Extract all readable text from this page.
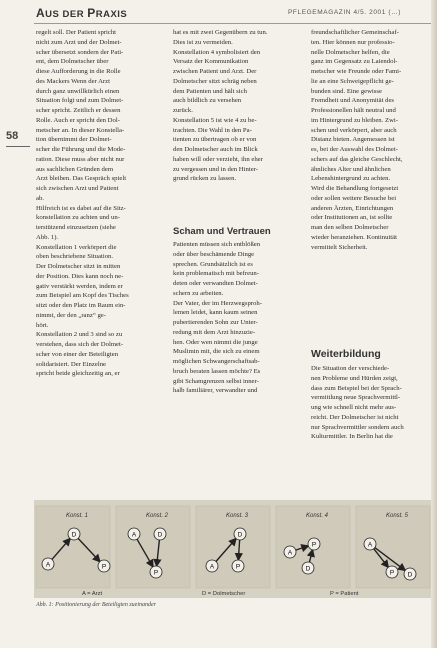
AUS DER PRAXIS	PFLEGEMAGAZIN 4/5. 2001 (…)
58

regelt soll. Der Patient spricht

nicht zum Arzt und der Dolmet-

scher übersetzt sondern der Pati-

ent, dem Dolmetscher über

diese Aufforderung in die Rolle

des Mackers Wenn der Arzt

durch ganz unwillkürlich einen

Situation folgt und zum Dolmet-

scher spricht. Zeitlich er dessen

Rolle. Auch er spricht den Dol-

metscher an. In dieser Konstella-

tion übernimmt der Dolmet-

scher die Führung und die Mode-

ration. Diese muss aber nicht nur

aus sachlichen Gründen dem

Arzt bleiben. Das Gespräch spielt

sich zwischen Arzt und Patient

ab.

Hilfreich ist es dabei auf die Sitz-

konstellation zu achten und un-

terstützend einzusetzen (siehe

Abb. 1).

Konstellation 1 verkörpert die

oben beschriebene Situation.

Der Dolmetscher sitzt in mitten

der Position. Dies kann noch ne-

gativ verstärkt werden, indem er

zum Beispiel am Kopf des Tisches

sitzt oder den Platz im Raum ein-

nimmt, der den „ranz“ ge-

hört.

Konstellation 2 und 3 sind so zu

verstehen, dass sich der Dolmet-

scher von einer der Beteiligten

solidarisiert. Der Einzelne

spricht beide gleichzeitig an, er

hat es mit zwei Gegenübern zu tun.

Dies ist zu vermeiden.

Konstellation 4 symbolisiert den

Versatz der Kommunikation

zwischen Patient und Arzt. Der

Dolmetscher sitzt schräg neben

dem Patienten und hält sich

auch bildlich zu versehen

zurück.

Konstellation 5 ist wie 4 zu be-

trachten. Die Wahl in den Pa-

tienten zu übertragen ob er von

den Dolmetscher auch im Blick

haben will oder verzieht, ihn eher

zu vergessen und in den Hinter-

grund rücken zu lassen.

Scham und Vertrauen

Patienten müssen sich entblößen

oder über beschämende Dinge

sprechen. Grundsätzlich ist es

kein problematisch mit befreun-

deten oder verwandten Dolmet-

schern zu arbeiten.

Der Vater, der im Herzwegsproh-

lemen leidet, kann kaum seinen

pubertierenden Sohn zur Unter-

redung mit dem Arzt hinzuzie-

hen. Oder wen nimmt die junge

Muslimin mit, die sich zu einem

möglichen Schwangerschaftsab-

bruch beraten lassen möchte? Es

gibt Schamgrenzen selbst inner-

halb familiärer, verwandter und

freundschaftlicher Gemeinschaf-

ten. Hier können nur professio-

nelle Dolmetscher helfen, die

ganz im Gegensatz zu Laiendol-

metscher wie Freunde oder Fami-

lie an eine Schweigepflicht ge-

bunden sind. Eine gewisse

Fremdheit und Anonymität des

Professionellen hält neutral und

im Hintergrund zu bleiben. Zwi-

schen und verkörpert, aber auch

Distanz bieten. Angemessen ist

es, bei der Auswahl des Dolmet-

schers auf das gleiche Geschlecht,

ähnliches Alter und ähnlichen

Lebenshintergrund zu achten.

Wird die Behandlung fortgesetzt

oder sollen weitere Besuche bei

anderen Ärzten, Einrichtungen

oder Institutionen an, ist sollte

man den selben Dolmetscher

wieder heranziehen. Kontinuität

vermittelt Sicherheit.

Weiterbildung

Die Situation der verschiede-

nen Probleme und Hürden zeigt,

dass zum Beispiel bei der Sprach-

vermittlung neue Sprachvermittl-

ung wie schnell nicht mehr aus-

reicht. Der Dolmetscher ist nicht

nur Sprachvermittler sondern auch

Kulturmittler. In Berlin hat die

Konst. 1
A
D
P
Konst. 2
A	D
P
Konst. 3
A
D
P
Konst. 4
A
D
P
Konst. 5
A
D
P
A = Arzt	D = Dolmetscher	P = Patient
Abb. 1: Positionierung der Beteiligten zueinander
